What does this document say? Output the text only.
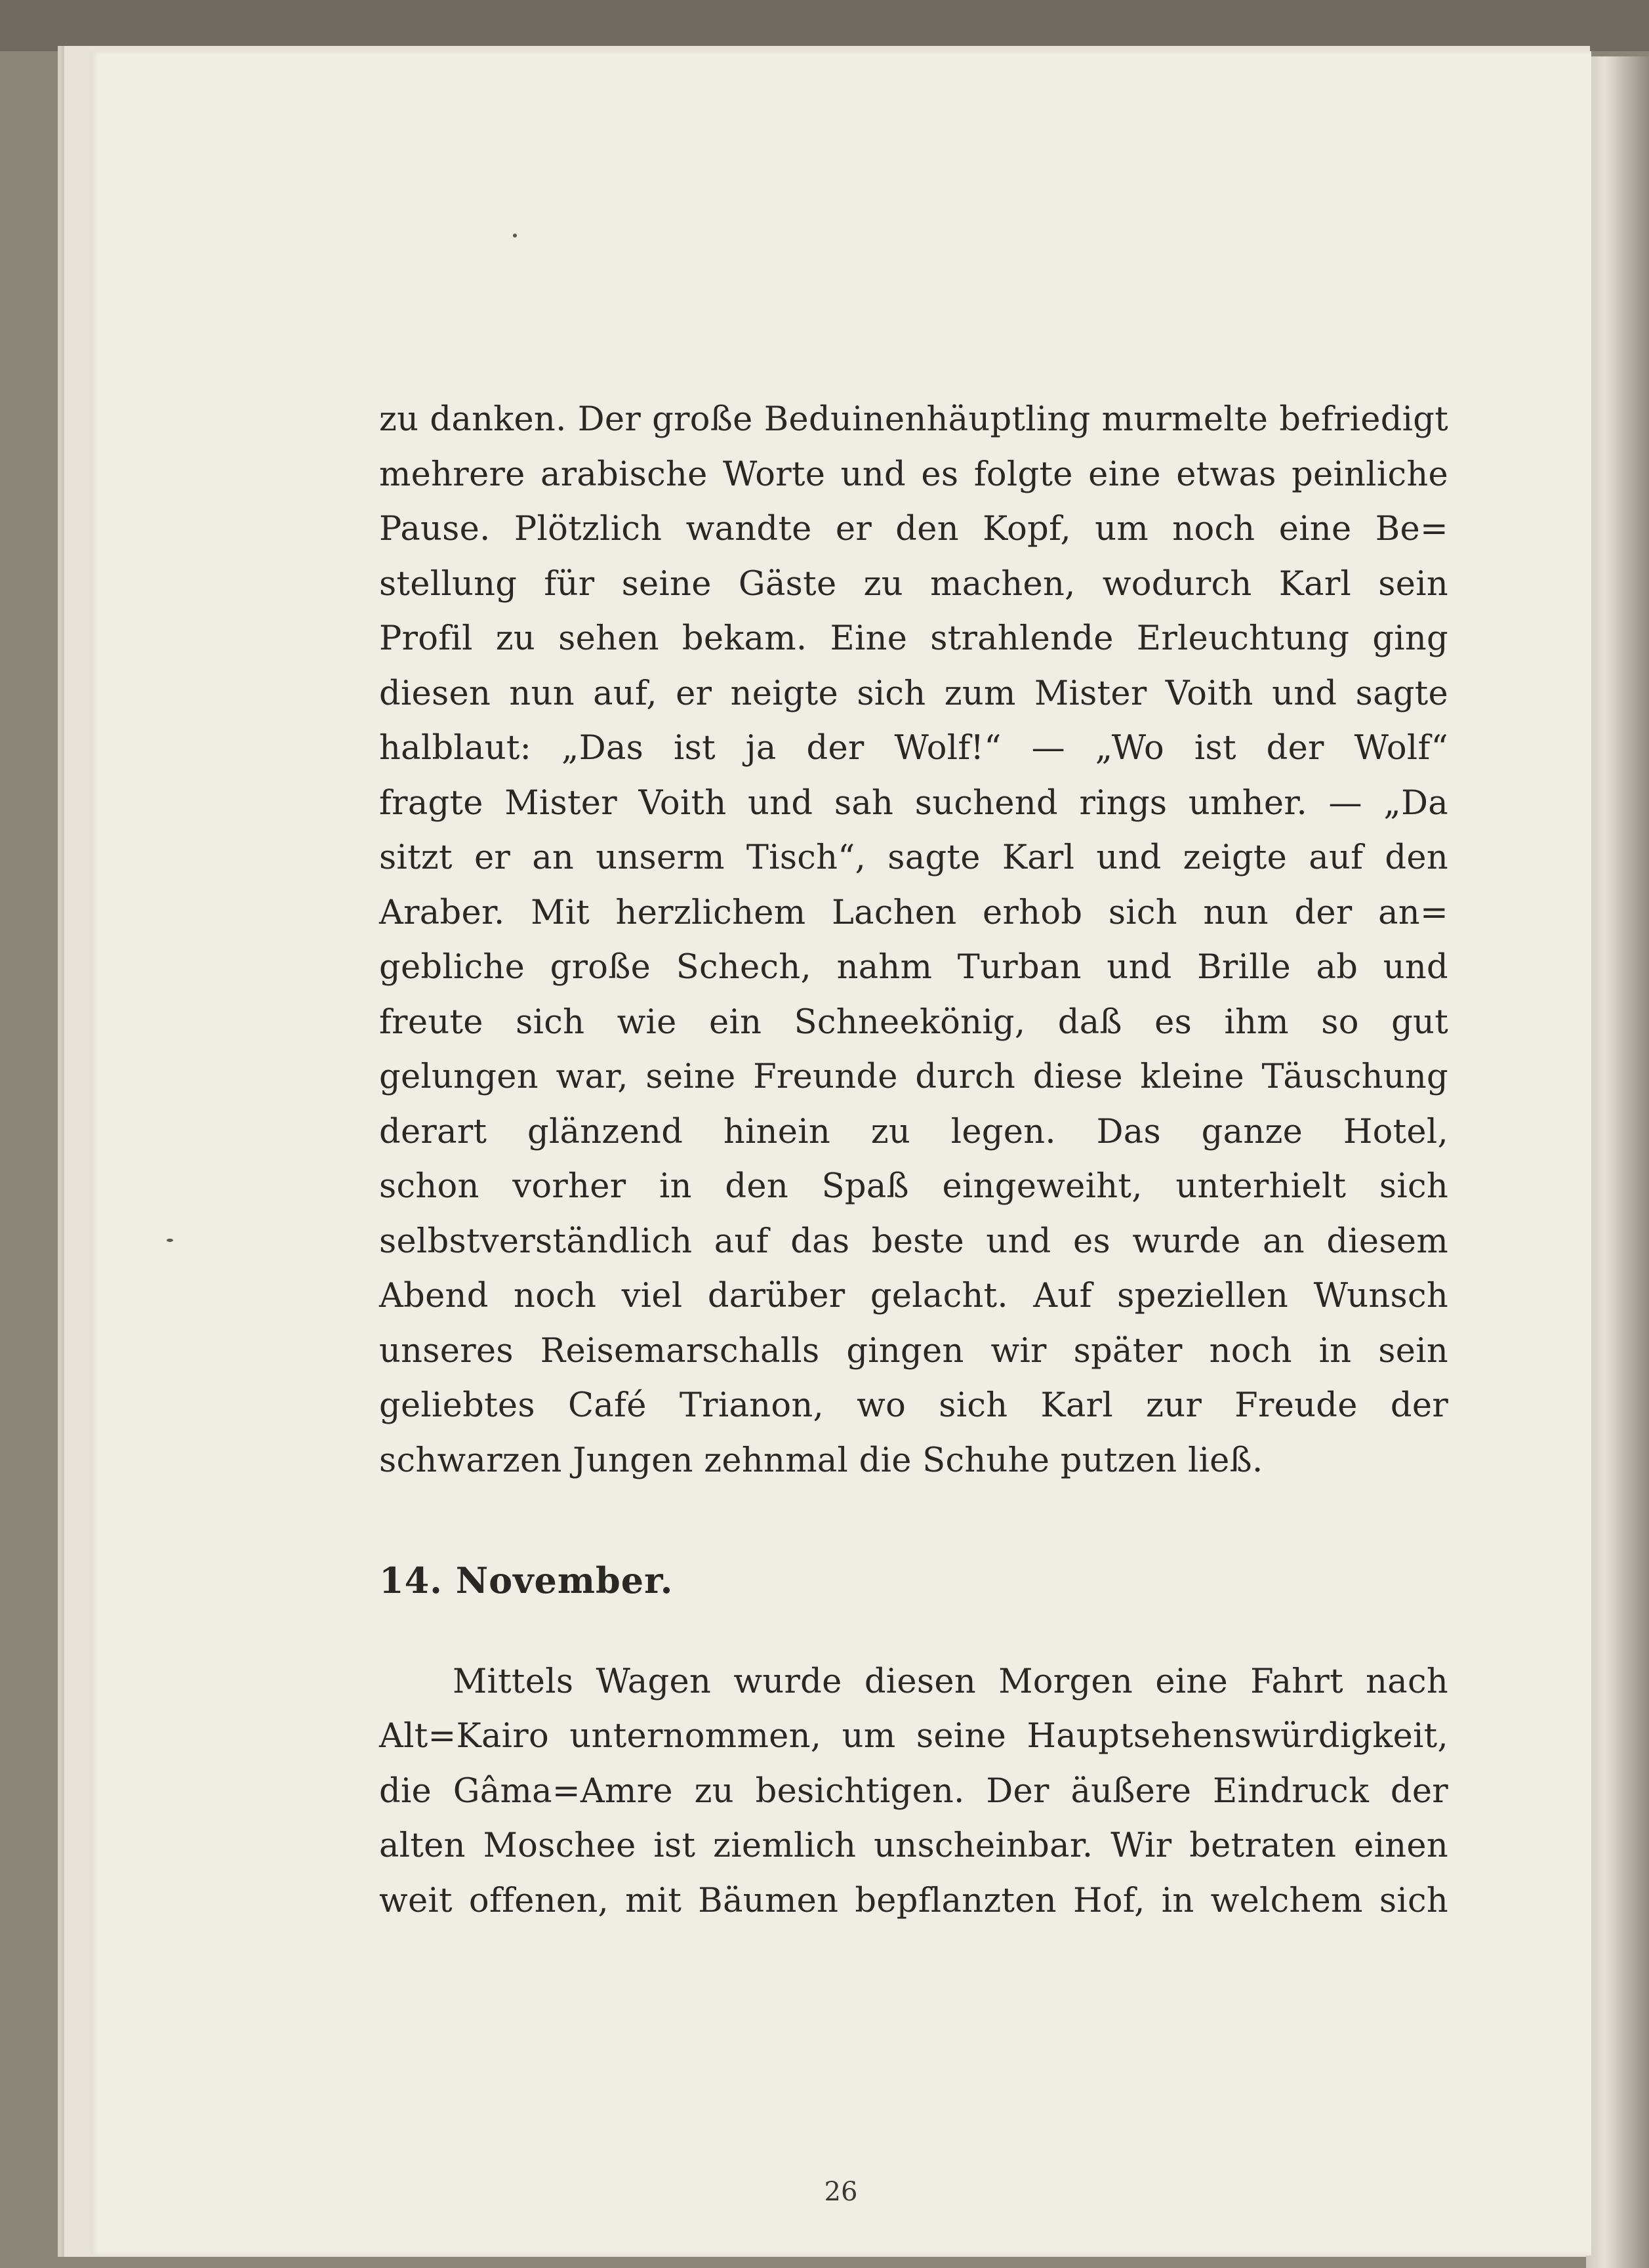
zu danken. Der große Beduinenhäuptling murmelte befriedigt
mehrere arabische Worte und es folgte eine etwas peinliche
Pause. Plötzlich wandte er den Kopf, um noch eine Be=
stellung für seine Gäste zu machen, wodurch Karl sein
Profil zu sehen bekam. Eine strahlende Erleuchtung ging
diesen nun auf, er neigte sich zum Mister Voith und sagte
halblaut: „Das ist ja der Wolf!“ — „Wo ist der Wolf“
fragte Mister Voith und sah suchend rings umher. — „Da
sitzt er an unserm Tisch“, sagte Karl und zeigte auf den
Araber. Mit herzlichem Lachen erhob sich nun der an=
gebliche große Schech, nahm Turban und Brille ab und
freute sich wie ein Schneekönig, daß es ihm so gut
gelungen war, seine Freunde durch diese kleine Täuschung
derart glänzend hinein zu legen. Das ganze Hotel,
schon vorher in den Spaß eingeweiht, unterhielt sich
selbstverständlich auf das beste und es wurde an diesem
Abend noch viel darüber gelacht. Auf speziellen Wunsch
unseres Reisemarschalls gingen wir später noch in sein
geliebtes Café Trianon, wo sich Karl zur Freude der
schwarzen Jungen zehnmal die Schuhe putzen ließ.
14. November.
Mittels Wagen wurde diesen Morgen eine Fahrt nach
Alt=Kairo unternommen, um seine Hauptsehenswürdigkeit,
die Gâma=Amre zu besichtigen. Der äußere Eindruck der
alten Moschee ist ziemlich unscheinbar. Wir betraten einen
weit offenen, mit Bäumen bepflanzten Hof, in welchem sich
26
